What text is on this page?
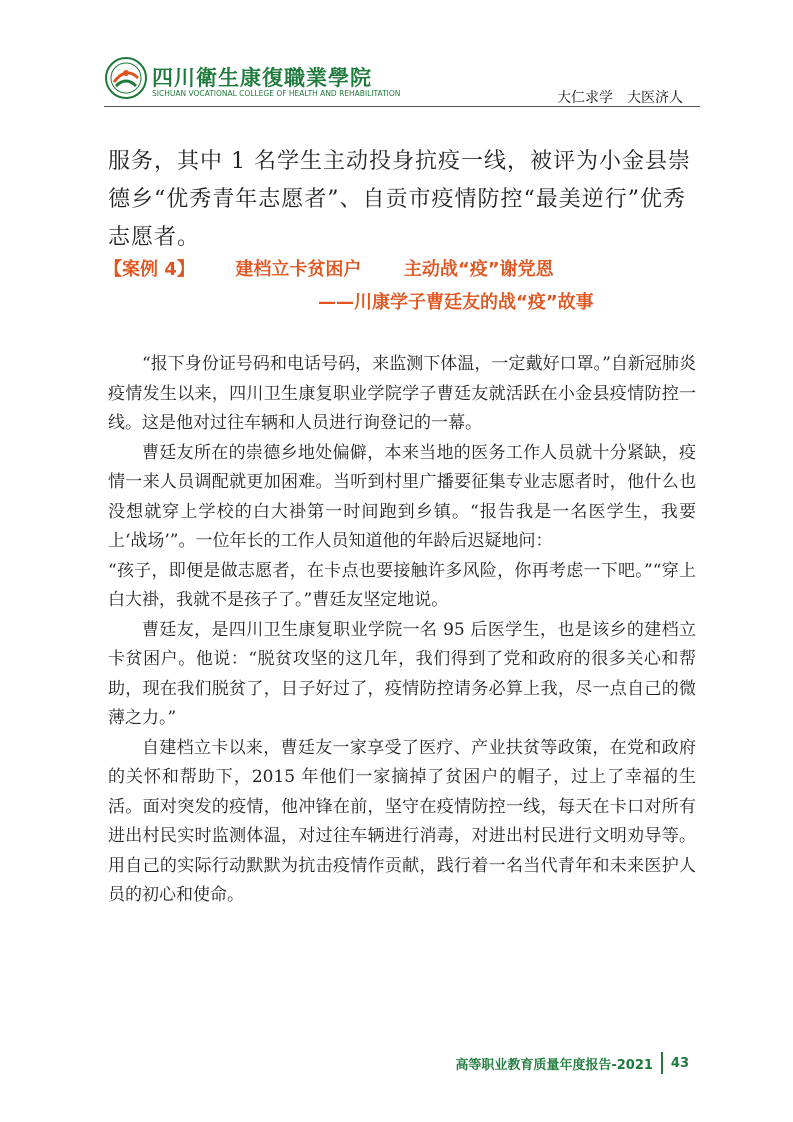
四川衛生康復職業學院
SICHUAN VOCATIONAL COLLEGE OF HEALTH AND REHABILITATION	大仁求学　大医济人
服务，其中 1 名学生主动投身抗疫一线，被评为小金县崇德乡“优秀青年志愿者”、自贡市疫情防控“最美逆行”优秀志愿者。
【案例 4】 建档立卡贫困户 主动战“疫”谢党恩
——川康学子曹廷友的战“疫”故事

“报下身份证号码和电话号码，来监测下体温，一定戴好口罩。”自新冠肺炎疫情发生以来，四川卫生康复职业学院学子曹廷友就活跃在小金县疫情防控一线。这是他对过往车辆和人员进行询登记的一幕。

曹廷友所在的崇德乡地处偏僻，本来当地的医务工作人员就十分紧缺，疫情一来人员调配就更加困难。当听到村里广播要征集专业志愿者时，他什么也没想就穿上学校的白大褂第一时间跑到乡镇。“报告我是一名医学生，我要上‘战场’”。一位年长的工作人员知道他的年龄后迟疑地问：

“孩子，即便是做志愿者，在卡点也要接触许多风险，你再考虑一下吧。”“穿上白大褂，我就不是孩子了。”曹廷友坚定地说。

曹廷友，是四川卫生康复职业学院一名 95 后医学生，也是该乡的建档立卡贫困户。他说：“脱贫攻坚的这几年，我们得到了党和政府的很多关心和帮助，现在我们脱贫了，日子好过了，疫情防控请务必算上我，尽一点自己的微薄之力。”

自建档立卡以来，曹廷友一家享受了医疗、产业扶贫等政策，在党和政府的关怀和帮助下，2015 年他们一家摘掉了贫困户的帽子，过上了幸福的生活。面对突发的疫情，他冲锋在前，坚守在疫情防控一线，每天在卡口对所有进出村民实时监测体温，对过往车辆进行消毒，对进出村民进行文明劝导等。用自己的实际行动默默为抗击疫情作贡献，践行着一名当代青年和未来医护人员的初心和使命。

高等职业教育质量年度报告-2021 43
